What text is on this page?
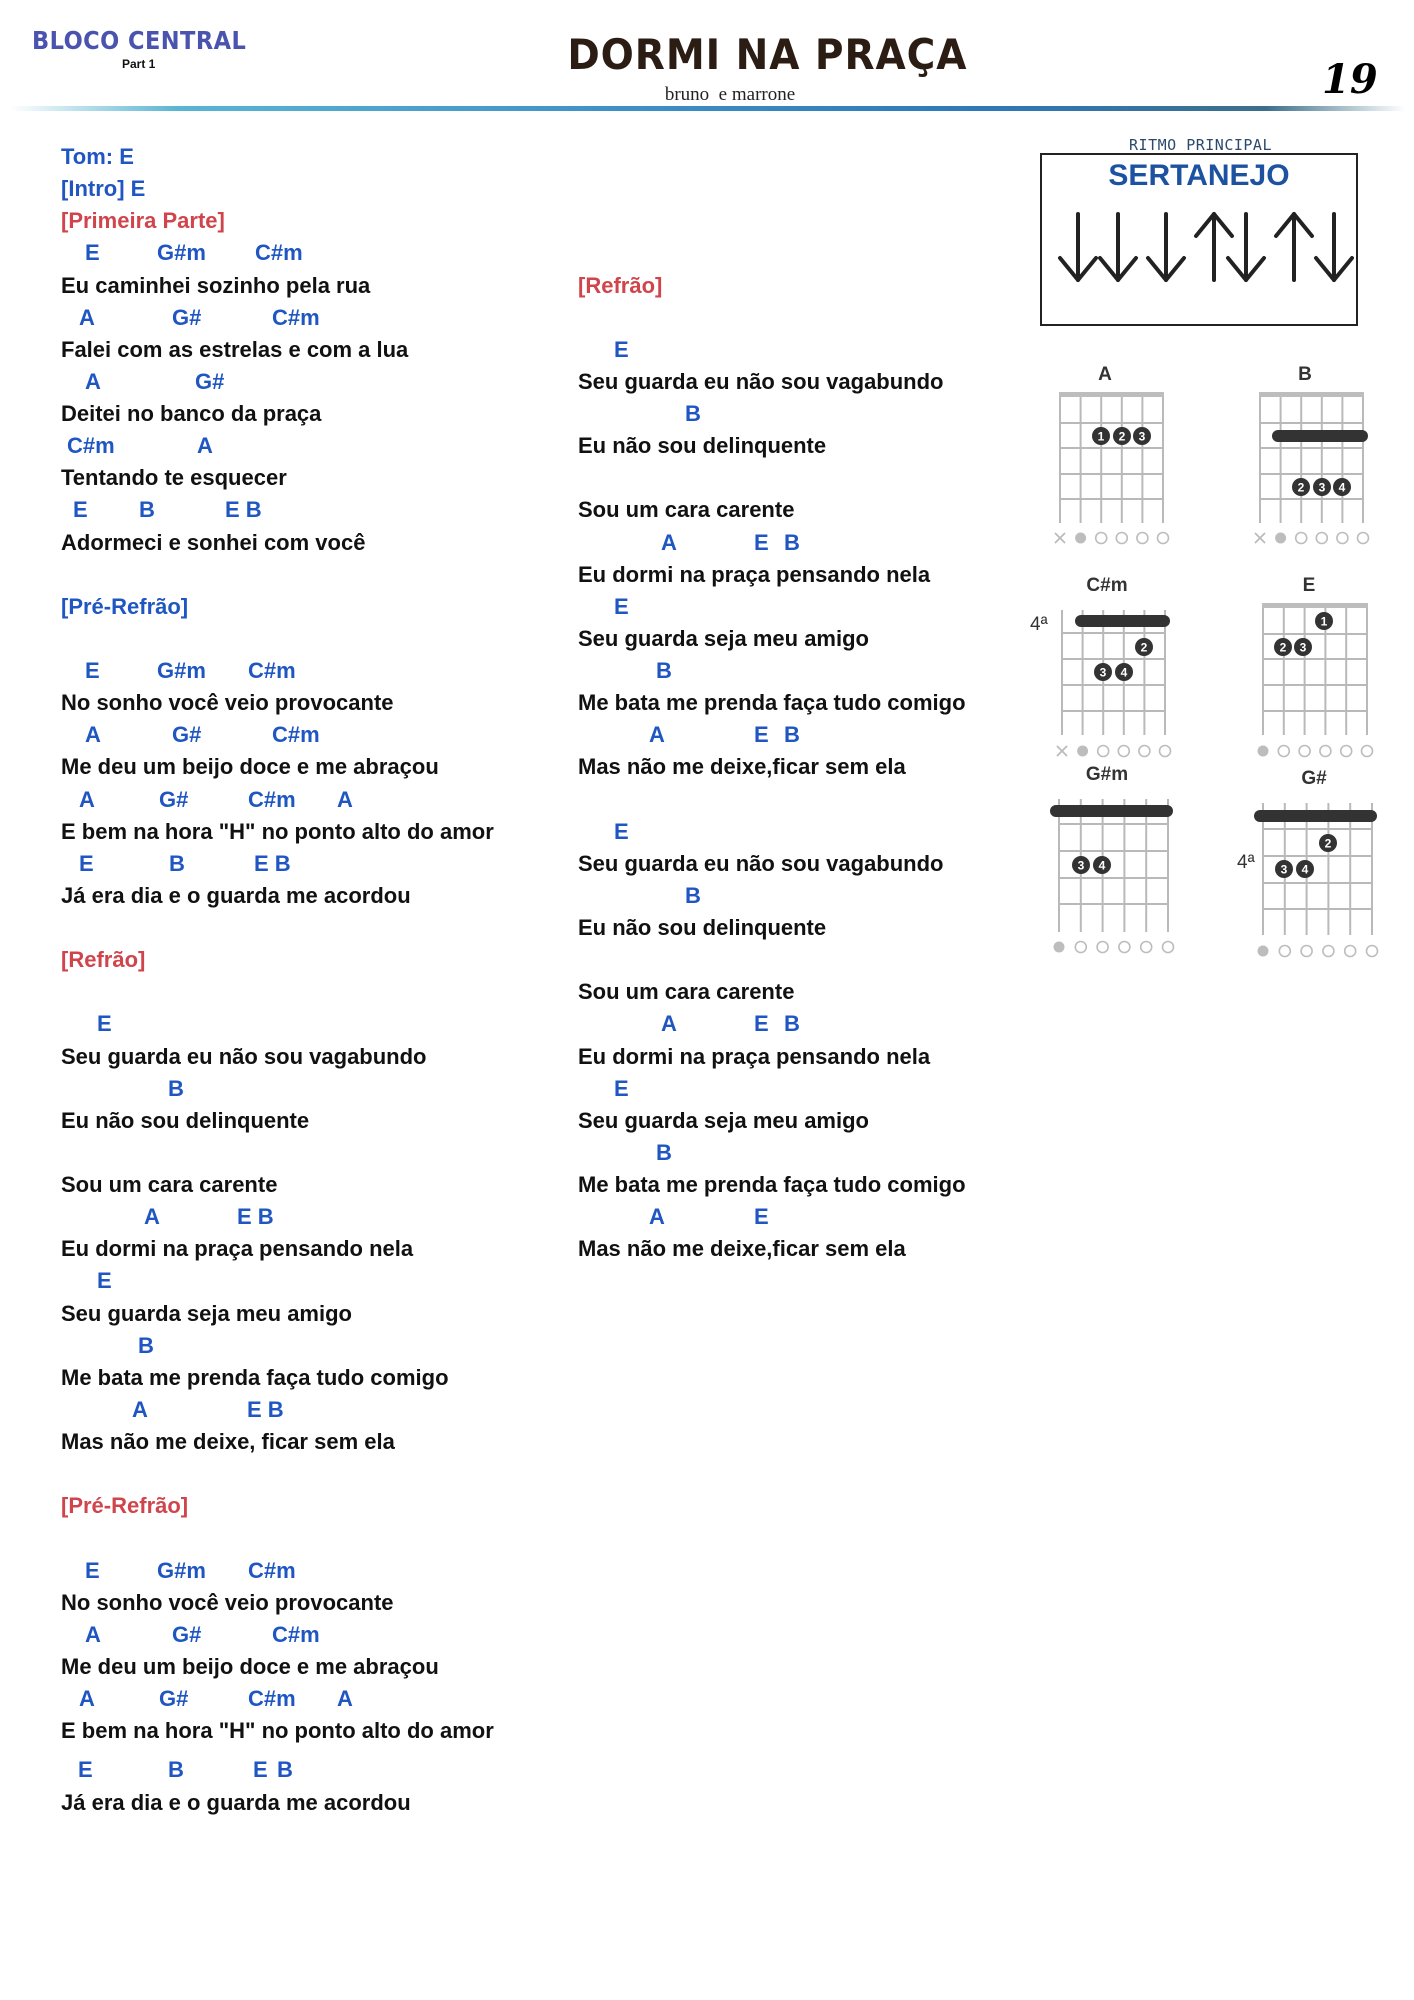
BLOCO CENTRAL
Part 1	DORMI NA PRAÇA
bruno  e marrone	19
Tom: E
[Intro] E
[Primeira Parte]
E	G#m C#m
Eu caminhei sozinho pela rua
A	G#	C#m
Falei com as estrelas e com a lua
A	G#
Deitei no banco da praça
C#m	A
Tentando te esquecer
E B	E B
Adormeci e sonhei com você
[Pré-Refrão]
E	G#m C#m
No sonho você veio provocante
A	G#	C#m
Me deu um beijo doce e me abraçou
A	G#	C#m A
E bem na hora "H" no ponto alto do amor
E	B	E B
Já era dia e o guarda me acordou
[Refrão]
E
Seu guarda eu não sou vagabundo
B
Eu não sou delinquente
Sou um cara carente
A	E B
Eu dormi na praça pensando nela
E
Seu guarda seja meu amigo
B
Me bata me prenda faça tudo comigo
A	E B
Mas não me deixe, ficar sem ela
[Pré-Refrão]
E	G#m C#m
No sonho você veio provocante
A	G#	C#m
Me deu um beijo doce e me abraçou
A	G#	C#m A
E bem na hora "H" no ponto alto do amor
E	B	E B
Já era dia e o guarda me acordou
[Refrão]
E
Seu guarda eu não sou vagabundo
B
Eu não sou delinquente
Sou um cara carente
A	E B
Eu dormi na praça pensando nela
E
Seu guarda seja meu amigo
B
Me bata me prenda faça tudo comigo
A	E B
Mas não me deixe,ficar sem ela
E
Seu guarda eu não sou vagabundo
B
Eu não sou delinquente
Sou um cara carente
A	E B
Eu dormi na praça pensando nela
E
Seu guarda seja meu amigo
B
Me bata me prenda faça tudo comigo
A	E
Mas não me deixe,ficar sem ela
RITMO PRINCIPAL
SERTANEJO
A
1 2 3
B
2 3 4
C#m
4ª
2
3 4
E
1
2 3
G#m
3 4
G#
4ª
2
3 4
